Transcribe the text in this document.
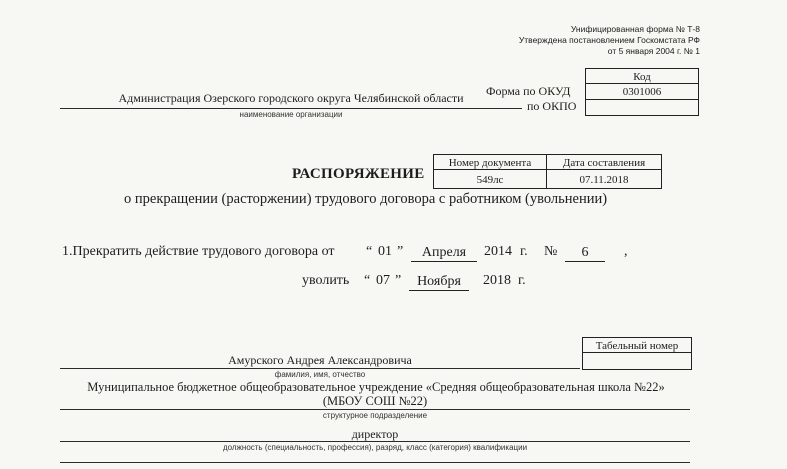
Унифицированная форма № Т-8
Утверждена постановлением Госкомстата РФ
от 5 января 2004 г. № 1
Код
0301006
Форма по ОКУД
по ОКПО
Администрация Озерского городского округа Челябинской области
наименование организации
Номер документа	Дата составления
549лс	07.11.2018
РАСПОРЯЖЕНИЕ
о прекращении (расторжении) трудового договора с работником (увольнении)
1.Прекратить действие трудового договора от “ 01 ”	Апреля	2014 г. №	6	,
уволить “ 07 ”	Ноября	2018 г.
Табельный номер
Амурского Андрея Александровича
фамилия, имя, отчество
Муниципальное бюджетное общеобразовательное учреждение «Средняя общеобразовательная школа №22»
(МБОУ СОШ №22)
структурное подразделение
директор
должность (специальность, профессия), разряд, класс (категория) квалификации
